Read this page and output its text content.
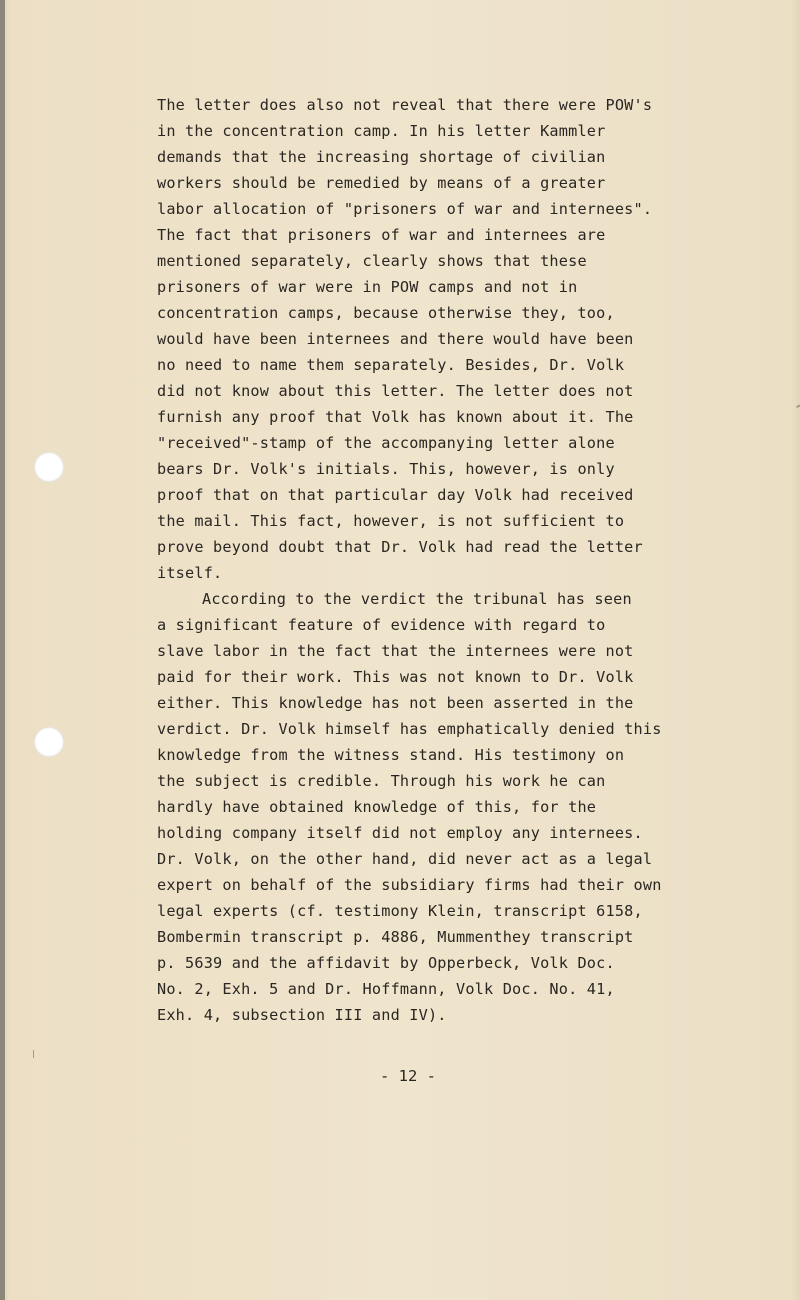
The letter does also not reveal that there were POW's
in the concentration camp. In his letter Kammler
demands that the increasing shortage of civilian
workers should be remedied by means of a greater
labor allocation of "prisoners of war and internees".
The fact that prisoners of war and internees are
mentioned separately, clearly shows that these
prisoners of war were in POW camps and not in
concentration camps, because otherwise they, too,
would have been internees and there would have been
no need to name them separately. Besides, Dr. Volk
did not know about this letter. The letter does not
furnish any proof that Volk has known about it. The
"received"-stamp of the accompanying letter alone
bears Dr. Volk's initials. This, however, is only
proof that on that particular day Volk had received
the mail. This fact, however, is not sufficient to
prove beyond doubt that Dr. Volk had read the letter
itself.
According to the verdict the tribunal has seen
a significant feature of evidence with regard to
slave labor in the fact that the internees were not
paid for their work. This was not known to Dr. Volk
either. This knowledge has not been asserted in the
verdict. Dr. Volk himself has emphatically denied this
knowledge from the witness stand. His testimony on
the subject is credible. Through his work he can
hardly have obtained knowledge of this, for the
holding company itself did not employ any internees.
Dr. Volk, on the other hand, did never act as a legal
expert on behalf of the subsidiary firms had their own
legal experts (cf. testimony Klein, transcript 6158,
Bombermin transcript p. 4886, Mummenthey transcript
p. 5639 and the affidavit by Opperbeck, Volk Doc.
No. 2, Exh. 5 and Dr. Hoffmann, Volk Doc. No. 41,
Exh. 4, subsection III and IV).
- 12 -
